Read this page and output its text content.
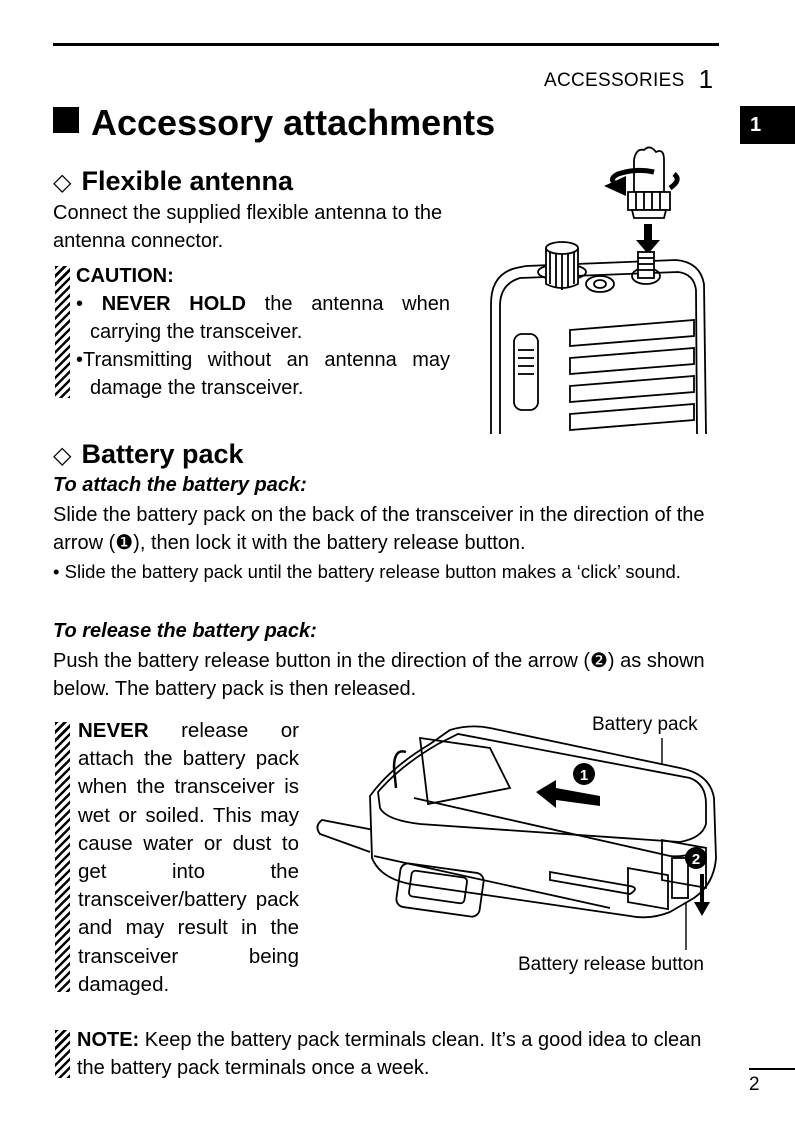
ACCESSORIES 1
1
Accessory attachments
◇ Flexible antenna
Connect the supplied flexible antenna to the antenna connector.
CAUTION:
• NEVER HOLD the antenna when carrying the transceiver.
•Transmitting without an antenna may damage the transceiver.
◇ Battery pack
To attach the battery pack:
Slide the battery pack on the back of the transceiver in the direction of the arrow (❶), then lock it with the battery release button.
• Slide the battery pack until the battery release button makes a ‘click’ sound.
To release the battery pack:
Push the battery release button in the direction of the arrow (❷) as shown below. The battery pack is then released.
NEVER release or attach the battery pack when the transceiver is wet or soiled. This may cause water or dust to get into the transceiver/battery pack and may result in the transceiver being damaged.
Battery pack
Battery release button
1
2
NOTE: Keep the battery pack terminals clean. It’s a good idea to clean the battery pack terminals once a week.
2
